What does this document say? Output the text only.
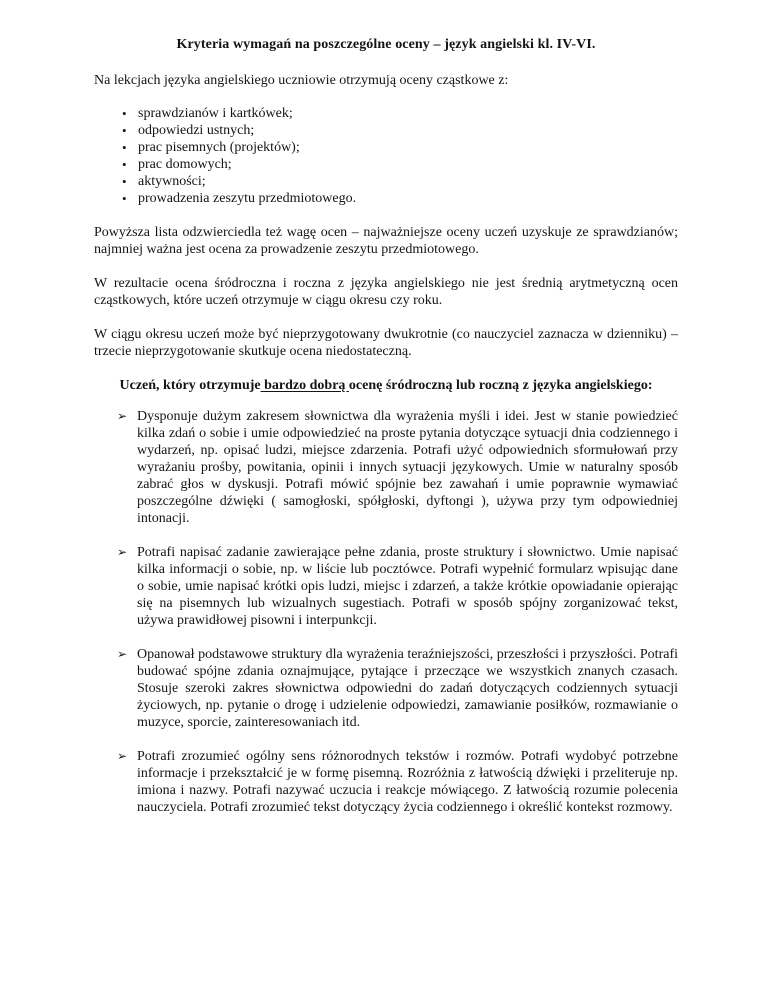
Kryteria wymagań na poszczególne oceny – język angielski kl. IV-VI.

Na lekcjach języka angielskiego uczniowie otrzymują oceny cząstkowe z:

• sprawdzianów i kartkówek;
• odpowiedzi ustnych;
• prac pisemnych (projektów);
• prac domowych;
• aktywności;
• prowadzenia zeszytu przedmiotowego.

Powyższa lista odzwierciedla też wagę ocen – najważniejsze oceny uczeń uzyskuje ze sprawdzianów; najmniej ważna jest ocena za prowadzenie zeszytu przedmiotowego.

W rezultacie ocena śródroczna i roczna z języka angielskiego nie jest średnią arytmetyczną ocen cząstkowych, które uczeń otrzymuje w ciągu okresu czy roku.

W ciągu okresu uczeń może być nieprzygotowany dwukrotnie (co nauczyciel zaznacza w dzienniku) – trzecie nieprzygotowanie skutkuje ocena niedostateczną.

Uczeń, który otrzymuje bardzo dobrą ocenę śródroczną lub roczną z języka angielskiego:
➢ Dysponuje dużym zakresem słownictwa dla wyrażenia myśli i idei. Jest w stanie powiedzieć kilka zdań o sobie i umie odpowiedzieć na proste pytania dotyczące sytuacji dnia codziennego i wydarzeń, np. opisać ludzi, miejsce zdarzenia. Potrafi użyć odpowiednich sformułowań przy wyrażaniu prośby, powitania, opinii i innych sytuacji językowych. Umie w naturalny sposób zabrać głos w dyskusji. Potrafi mówić spójnie bez zawahań i umie poprawnie wymawiać poszczególne dźwięki ( samogłoski, spółgłoski, dyftongi ), używa przy tym odpowiedniej intonacji.
➢ Potrafi napisać zadanie zawierające pełne zdania, proste struktury i słownictwo. Umie napisać kilka informacji o sobie, np. w liście lub pocztówce. Potrafi wypełnić formularz wpisując dane o sobie, umie napisać krótki opis ludzi, miejsc i zdarzeń, a także krótkie opowiadanie opierając się na pisemnych lub wizualnych sugestiach. Potrafi w sposób spójny zorganizować tekst, używa prawidłowej pisowni i interpunkcji.
➢ Opanował podstawowe struktury dla wyrażenia teraźniejszości, przeszłości i przyszłości. Potrafi budować spójne zdania oznajmujące, pytające i przeczące we wszystkich znanych czasach. Stosuje szeroki zakres słownictwa odpowiedni do zadań dotyczących codziennych sytuacji życiowych, np. pytanie o drogę i udzielenie odpowiedzi, zamawianie posiłków, rozmawianie o muzyce, sporcie, zainteresowaniach itd.
➢ Potrafi zrozumieć ogólny sens różnorodnych tekstów i rozmów. Potrafi wydobyć potrzebne informacje i przekształcić je w formę pisemną. Rozróżnia z łatwością dźwięki i przeliteruje np. imiona i nazwy. Potrafi nazywać uczucia i reakcje mówiącego. Z łatwością rozumie polecenia nauczyciela. Potrafi zrozumieć tekst dotyczący życia codziennego i określić kontekst rozmowy.
